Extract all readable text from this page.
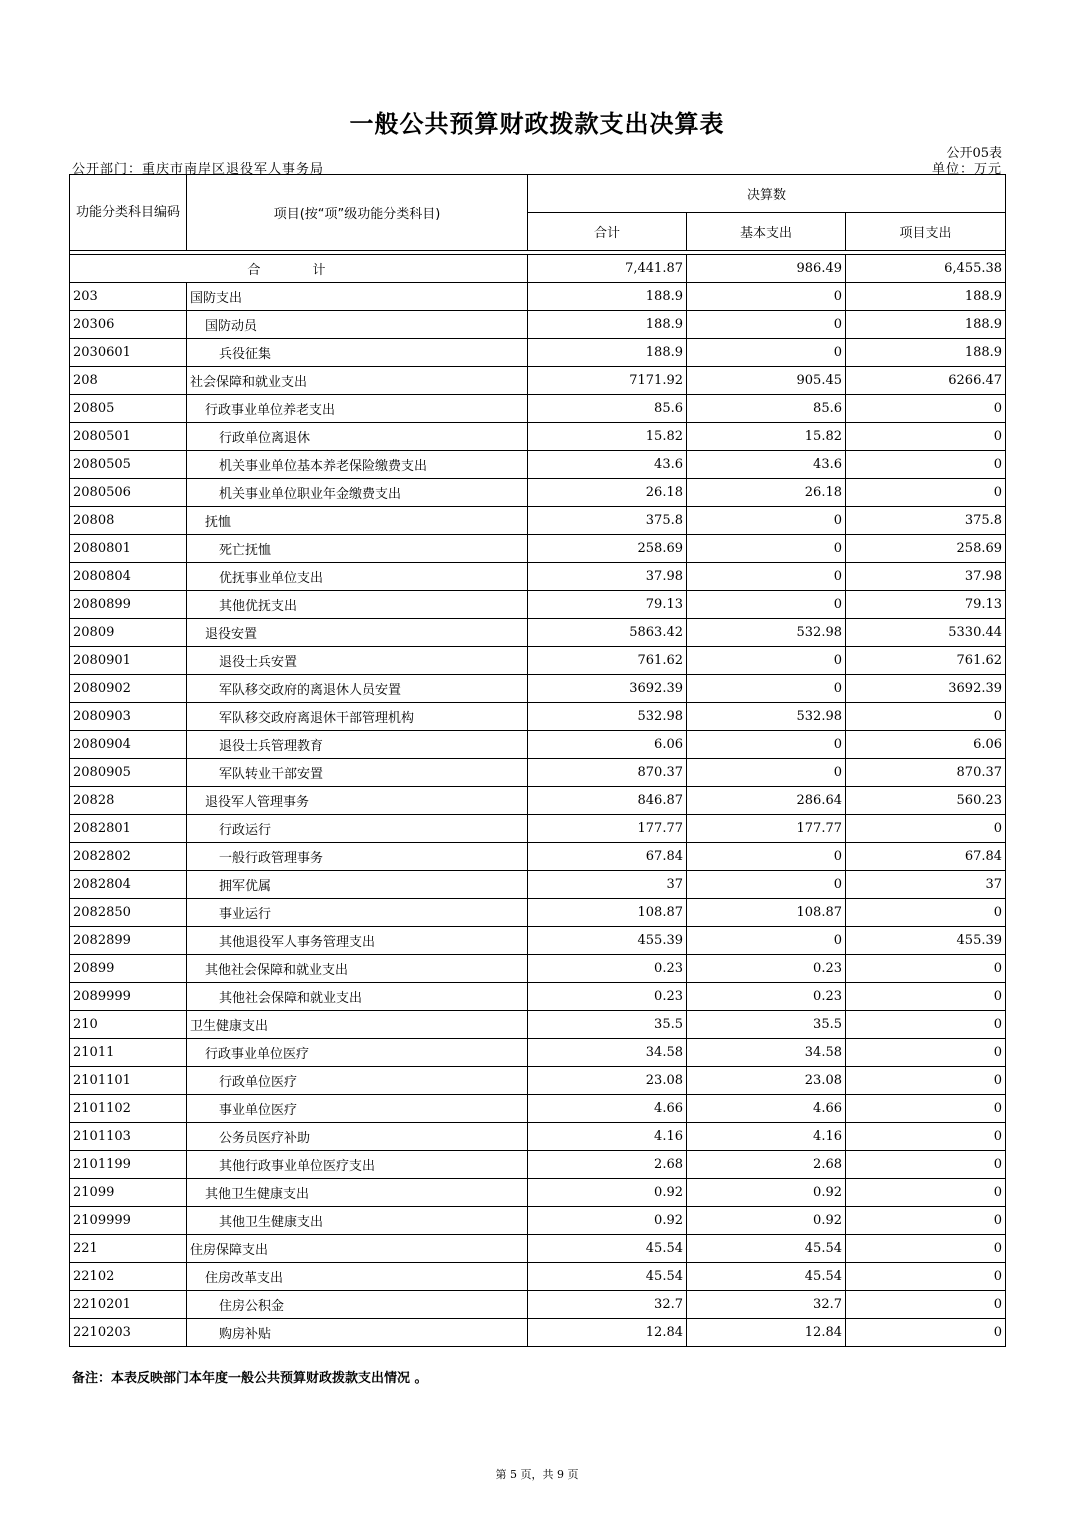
一般公共预算财政拨款支出决算表
公开05表
公开部门：重庆市南岸区退役军人事务局	单位：万元
功能分类科目编码	项目(按“项”级功能分类科目)	决算数		
		合计	基本支出	项目支出

合 计		7,441.87	986.49	6,455.38
203	国防支出	188.9	0	188.9
20306	国防动员	188.9	0	188.9
2030601	兵役征集	188.9	0	188.9
208	社会保障和就业支出	7171.92	905.45	6266.47
20805	行政事业单位养老支出	85.6	85.6	0
2080501	行政单位离退休	15.82	15.82	0
2080505	机关事业单位基本养老保险缴费支出	43.6	43.6	0
2080506	机关事业单位职业年金缴费支出	26.18	26.18	0
20808	抚恤	375.8	0	375.8
2080801	死亡抚恤	258.69	0	258.69
2080804	优抚事业单位支出	37.98	0	37.98
2080899	其他优抚支出	79.13	0	79.13
20809	退役安置	5863.42	532.98	5330.44
2080901	退役士兵安置	761.62	0	761.62
2080902	军队移交政府的离退休人员安置	3692.39	0	3692.39
2080903	军队移交政府离退休干部管理机构	532.98	532.98	0
2080904	退役士兵管理教育	6.06	0	6.06
2080905	军队转业干部安置	870.37	0	870.37
20828	退役军人管理事务	846.87	286.64	560.23
2082801	行政运行	177.77	177.77	0
2082802	一般行政管理事务	67.84	0	67.84
2082804	拥军优属	37	0	37
2082850	事业运行	108.87	108.87	0
2082899	其他退役军人事务管理支出	455.39	0	455.39
20899	其他社会保障和就业支出	0.23	0.23	0
2089999	其他社会保障和就业支出	0.23	0.23	0
210	卫生健康支出	35.5	35.5	0
21011	行政事业单位医疗	34.58	34.58	0
2101101	行政单位医疗	23.08	23.08	0
2101102	事业单位医疗	4.66	4.66	0
2101103	公务员医疗补助	4.16	4.16	0
2101199	其他行政事业单位医疗支出	2.68	2.68	0
21099	其他卫生健康支出	0.92	0.92	0
2109999	其他卫生健康支出	0.92	0.92	0
221	住房保障支出	45.54	45.54	0
22102	住房改革支出	45.54	45.54	0
2210201	住房公积金	32.7	32.7	0
2210203	购房补贴	12.84	12.84	0
备注：本表反映部门本年度一般公共预算财政拨款支出情况 。
第 5 页，共 9 页
